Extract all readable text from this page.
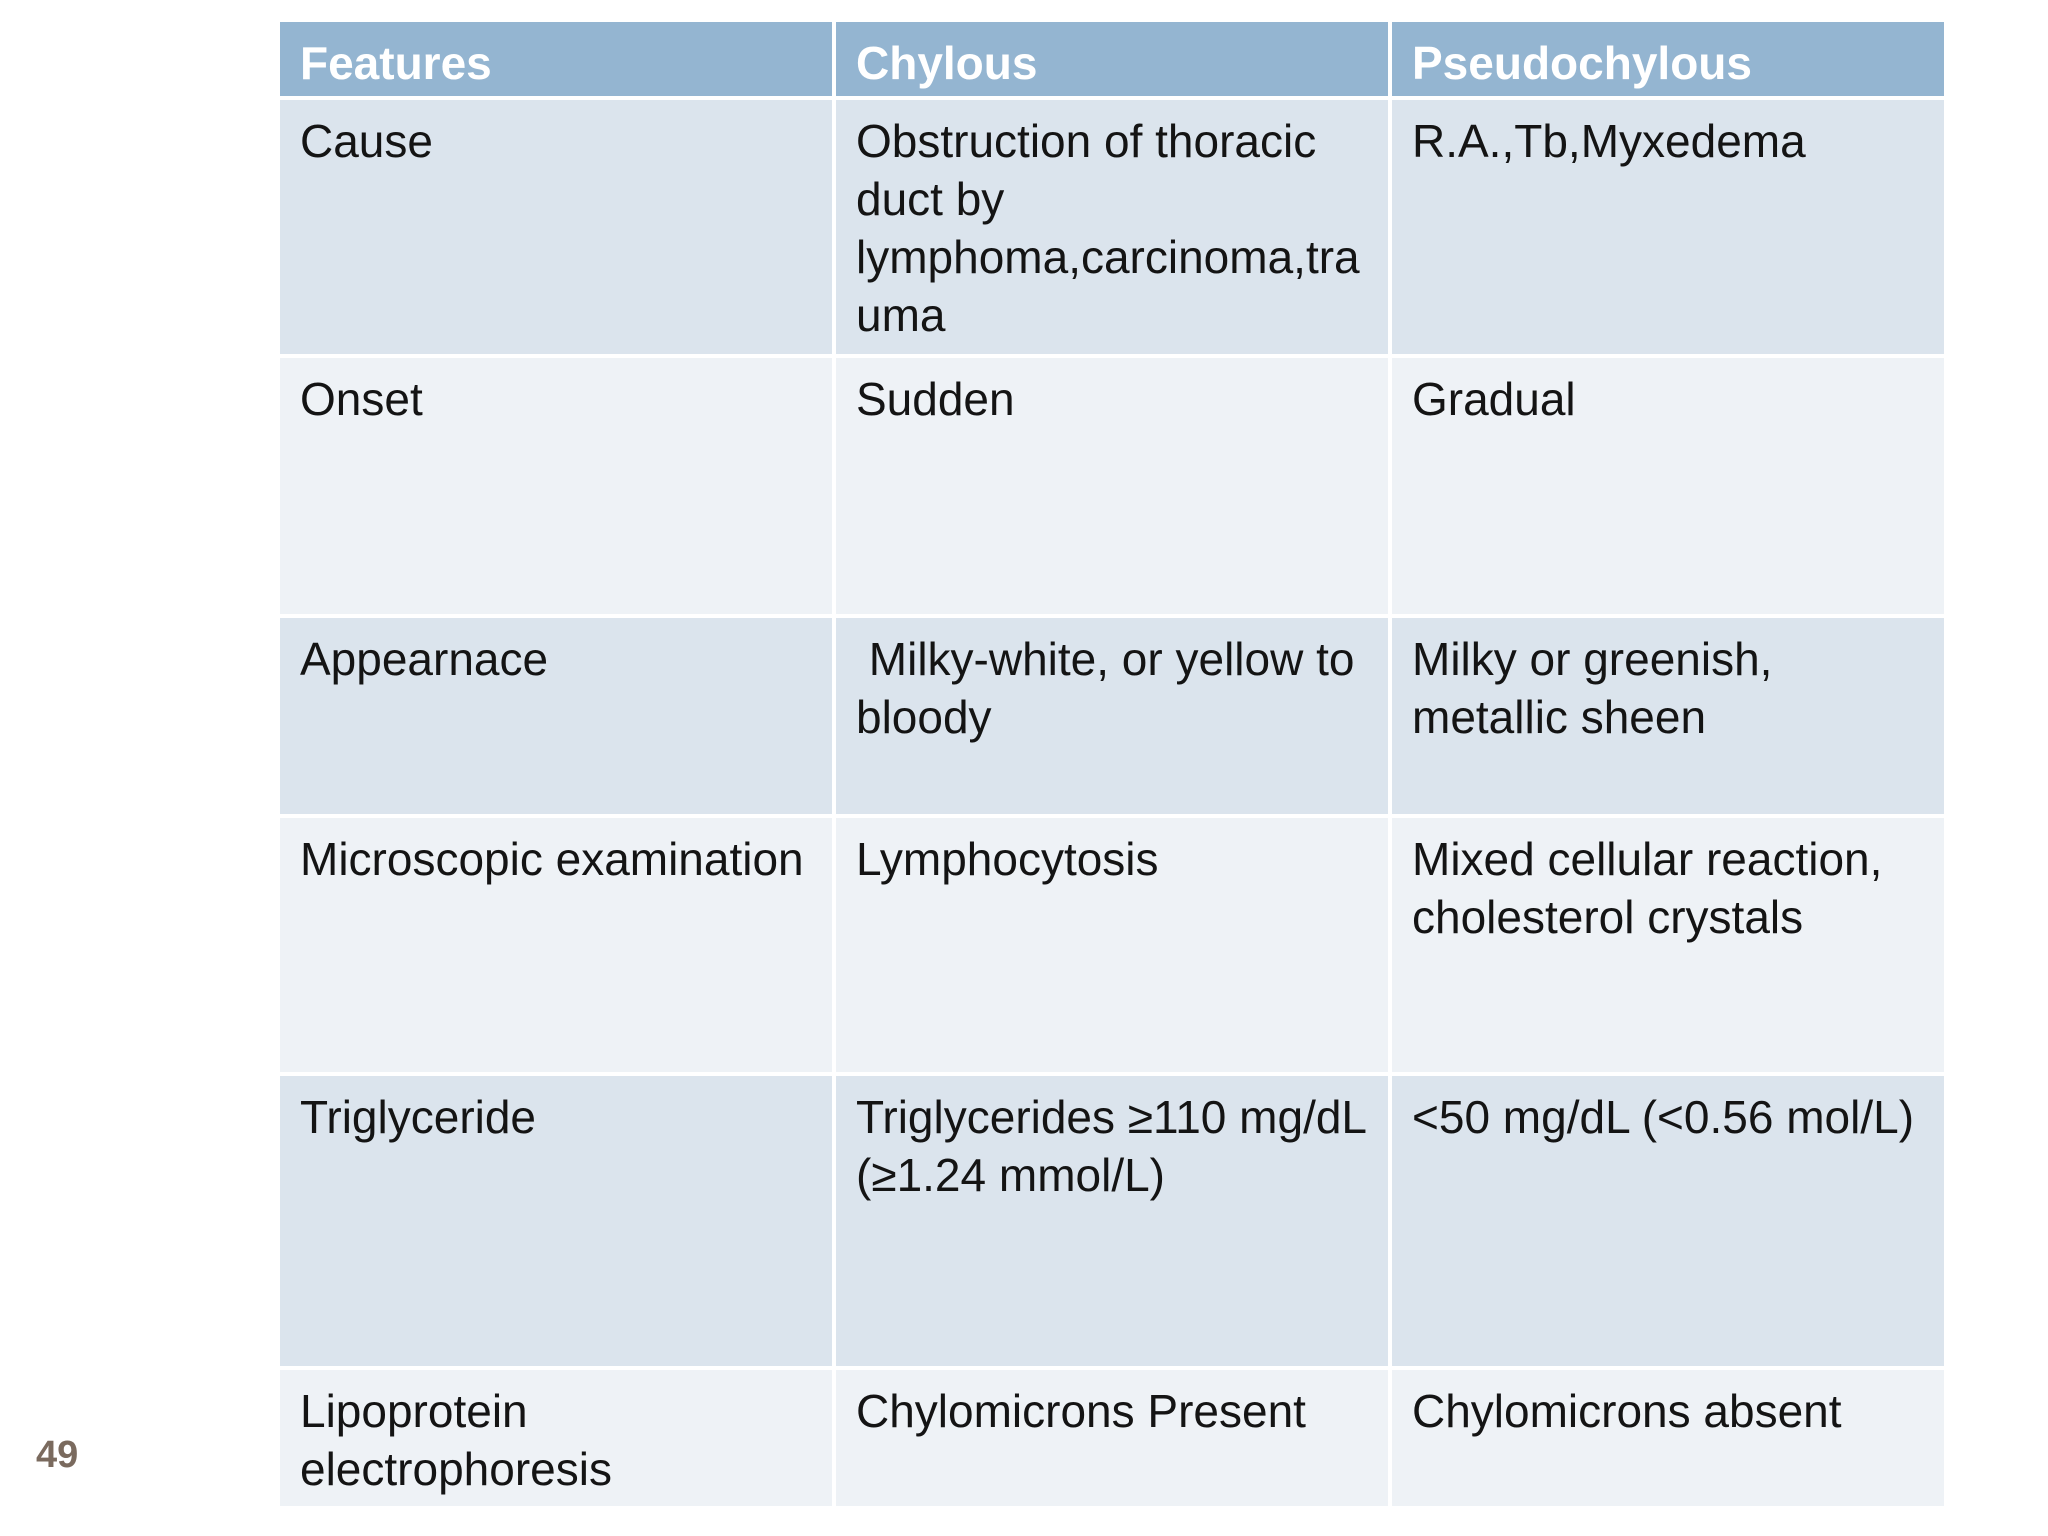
Features	Chylous	Pseudochylous

Cause	Obstruction of thoracic duct by lymphoma,carcinoma,trauma	R.A.,Tb,Myxedema

Onset	Sudden	Gradual

Appearnace	Milky-white, or yellow to bloody	Milky or greenish, metallic sheen

Microscopic examination	Lymphocytosis	Mixed cellular reaction, cholesterol crystals

Triglyceride	Triglycerides ≥110 mg/dL (≥1.24 mmol/L)	<50 mg/dL (<0.56 mol/L)

Lipoprotein electrophoresis	Chylomicrons Present	Chylomicrons absent
49
